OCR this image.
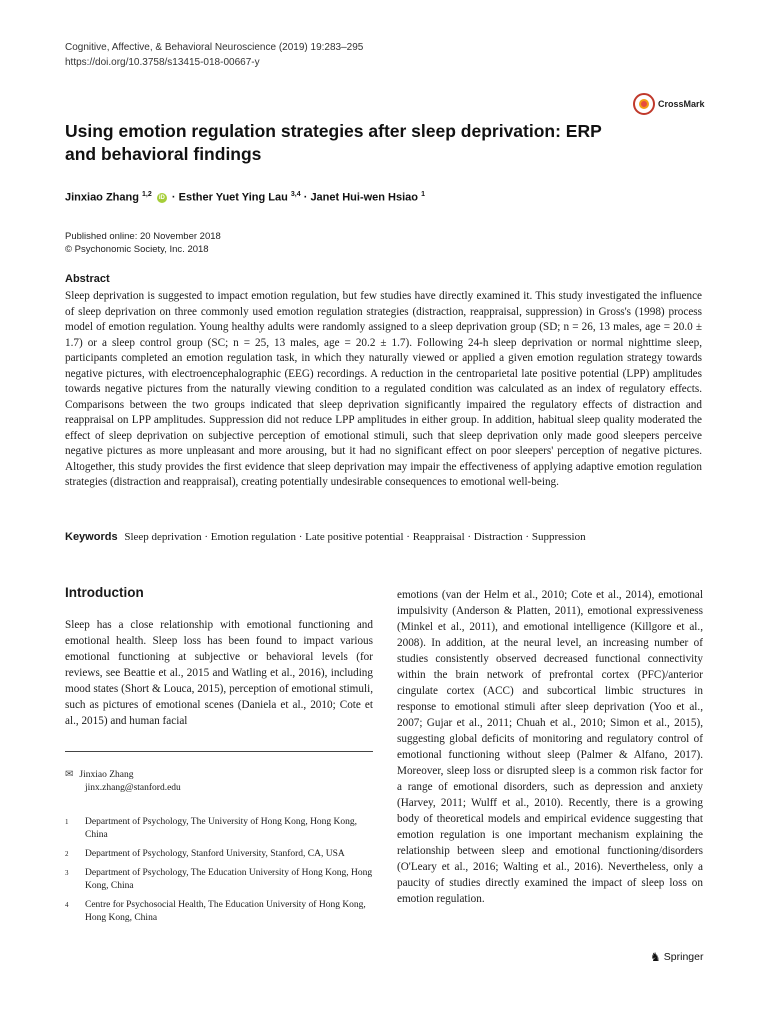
Cognitive, Affective, & Behavioral Neuroscience (2019) 19:283–295
https://doi.org/10.3758/s13415-018-00667-y
CrossMark
Using emotion regulation strategies after sleep deprivation: ERP and behavioral findings
Jinxiao Zhang $^{1,2}$ iD · Esther Yuet Ying Lau $^{3,4}$ · Janet Hui-wen Hsiao $^1$
Published online: 20 November 2018
© Psychonomic Society, Inc. 2018
Abstract
Sleep deprivation is suggested to impact emotion regulation, but few studies have directly examined it. This study investigated the influence of sleep deprivation on three commonly used emotion regulation strategies (distraction, reappraisal, suppression) in Gross's (1998) process model of emotion regulation. Young healthy adults were randomly assigned to a sleep deprivation group (SD; n = 26, 13 males, age = 20.0 ± 1.7) or a sleep control group (SC; n = 25, 13 males, age = 20.2 ± 1.7). Following 24-h sleep deprivation or normal nighttime sleep, participants completed an emotion regulation task, in which they naturally viewed or applied a given emotion regulation strategy towards negative pictures, with electroencephalographic (EEG) recordings. A reduction in the centroparietal late positive potential (LPP) amplitudes towards negative pictures from the naturally viewing condition to a regulated condition was calculated as an index of regulatory effects. Comparisons between the two groups indicated that sleep deprivation significantly impaired the regulatory effects of distraction and reappraisal on LPP amplitudes. Suppression did not reduce LPP amplitudes in either group. In addition, habitual sleep quality moderated the effect of sleep deprivation on subjective perception of emotional stimuli, such that sleep deprivation only made good sleepers perceive negative pictures as more unpleasant and more arousing, but it had no significant effect on poor sleepers' perception of negative pictures. Altogether, this study provides the first evidence that sleep deprivation may impair the effectiveness of applying adaptive emotion regulation strategies (distraction and reappraisal), creating potentially undesirable consequences to emotional well-being.
Keywords Sleep deprivation · Emotion regulation · Late positive potential · Reappraisal · Distraction · Suppression
Introduction
Sleep has a close relationship with emotional functioning and emotional health. Sleep loss has been found to impact various emotional functioning at subjective or behavioral levels (for reviews, see Beattie et al., 2015 and Watling et al., 2016), including mood states (Short & Louca, 2015), perception of emotional stimuli, such as pictures of emotional scenes (Daniela et al., 2010; Cote et al., 2015) and human facial
✉ Jinxiao Zhang
jinx.zhang@stanford.edu
1	Department of Psychology, The University of Hong Kong, Hong Kong, China
2	Department of Psychology, Stanford University, Stanford, CA, USA
3	Department of Psychology, The Education University of Hong Kong, Hong Kong, China
4	Centre for Psychosocial Health, The Education University of Hong Kong, Hong Kong, China
emotions (van der Helm et al., 2010; Cote et al., 2014), emotional impulsivity (Anderson & Platten, 2011), emotional expressiveness (Minkel et al., 2011), and emotional intelligence (Killgore et al., 2008). In addition, at the neural level, an increasing number of studies consistently observed decreased functional connectivity within the brain network of prefrontal cortex (PFC)/anterior cingulate cortex (ACC) and subcortical limbic structures in response to emotional stimuli after sleep deprivation (Yoo et al., 2007; Gujar et al., 2011; Chuah et al., 2010; Simon et al., 2015), suggesting global deficits of monitoring and regulatory control of emotional functioning without sleep (Palmer & Alfano, 2017). Moreover, sleep loss or disrupted sleep is a common risk factor for a range of emotional disorders, such as depression and anxiety (Harvey, 2011; Wulff et al., 2010). Recently, there is a growing body of theoretical models and empirical evidence suggesting that emotion regulation is one important mechanism explaining the relationship between sleep and emotional functioning/disorders (O'Leary et al., 2016; Walting et al., 2016). Nevertheless, only a paucity of studies directly examined the impact of sleep loss on emotion regulation.
♞ Springer
